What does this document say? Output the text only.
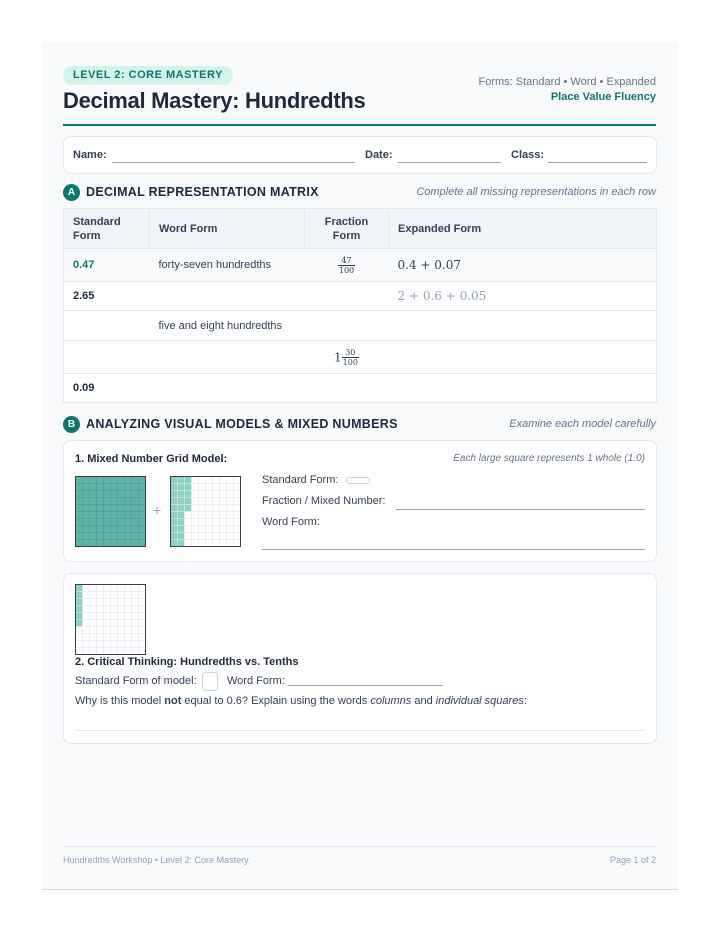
LEVEL 2: CORE MASTERY
Decimal Mastery: Hundredths
Forms: Standard • Word • Expanded
Place Value Fluency
Name:	Date:	Class:
A DECIMAL REPRESENTATION MATRIX	Complete all missing representations in each row
Standard Form	Word Form	Fraction Form	Expanded Form
0.47	forty-seven hundredths	$\frac{47}{100}$	0.4 + 0.07
2.65			2 + 0.6 + 0.05
	five and eight hundredths		
		$1 \frac{30}{100}$

0.09			
B ANALYZING VISUAL MODELS & MIXED NUMBERS	Examine each model carefully
1. Mixed Number Grid Model:	Each large square represents 1 whole (1.0)
+
Standard Form:
Fraction / Mixed Number:
Word Form:
2. Critical Thinking: Hundredths vs. Tenths
Standard Form of model:	Word Form:
Why is this model not equal to 0.6? Explain using the words columns and individual squares:
Hundredths Workshop • Level 2: Core Mastery	Page 1 of 2
